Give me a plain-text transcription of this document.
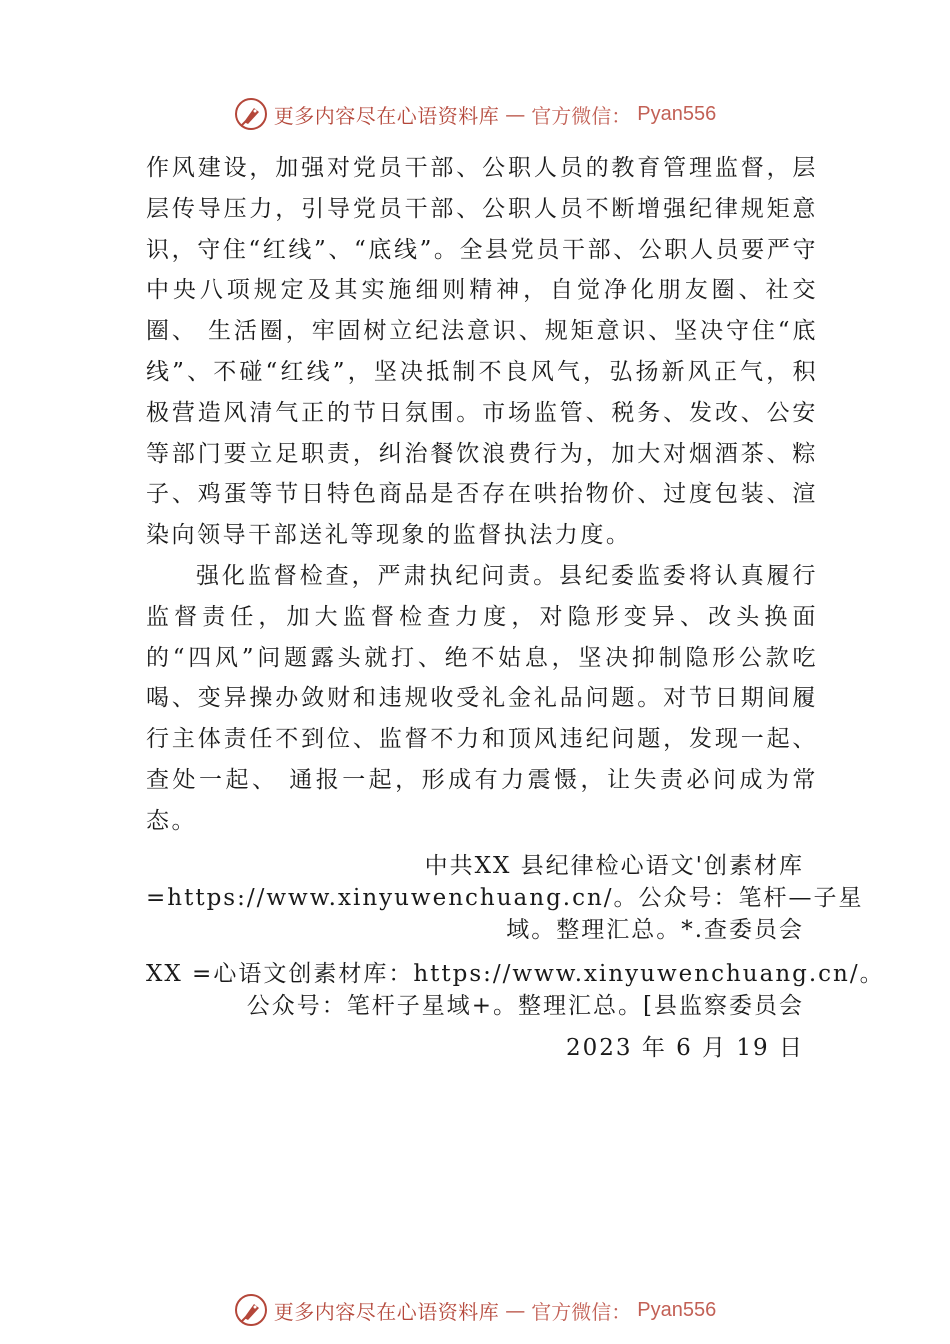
更多内容尽在心语资料库 — 官方微信： Pyan556

作风建设，加强对党员干部、公职人员的教育管理监督，层层传导压力，引导党员干部、公职人员不断增强纪律规矩意识，守住“红线”、“底线”。全县党员干部、公职人员要严守中央八项规定及其实施细则精神，自觉净化朋友圈、社交圈、 生活圈，牢固树立纪法意识、规矩意识、坚决守住“底线”、不碰“红线”，坚决抵制不良风气，弘扬新风正气，积极营造风清气正的节日氛围。市场监管、税务、发改、公安等部门要立足职责，纠治餐饮浪费行为，加大对烟酒茶、粽子、鸡蛋等节日特色商品是否存在哄抬物价、过度包装、渲染向领导干部送礼等现象的监督执法力度。

强化监督检查，严肃执纪问责。县纪委监委将认真履行监督责任，加大监督检查力度，对隐形变异、改头换面的“四风”问题露头就打、绝不姑息，坚决抑制隐形公款吃喝、变异操办敛财和违规收受礼金礼品问题。对节日期间履行主体责任不到位、监督不力和顶风违纪问题，发现一起、查处一起、 通报一起，形成有力震慑，让失责必问成为常态。

中共XX 县纪律检心语文'创素材库

=https://www.xinyuwenchuang.cn/。公众号：笔杆—子星

域。整理汇总。*.查委员会

XX =心语文创素材库：https://www.xinyuwenchuang.cn/。

公众号：笔杆子星域+。整理汇总。[县监察委员会

2023 年 6 月 19 日
更多内容尽在心语资料库 — 官方微信： Pyan556
